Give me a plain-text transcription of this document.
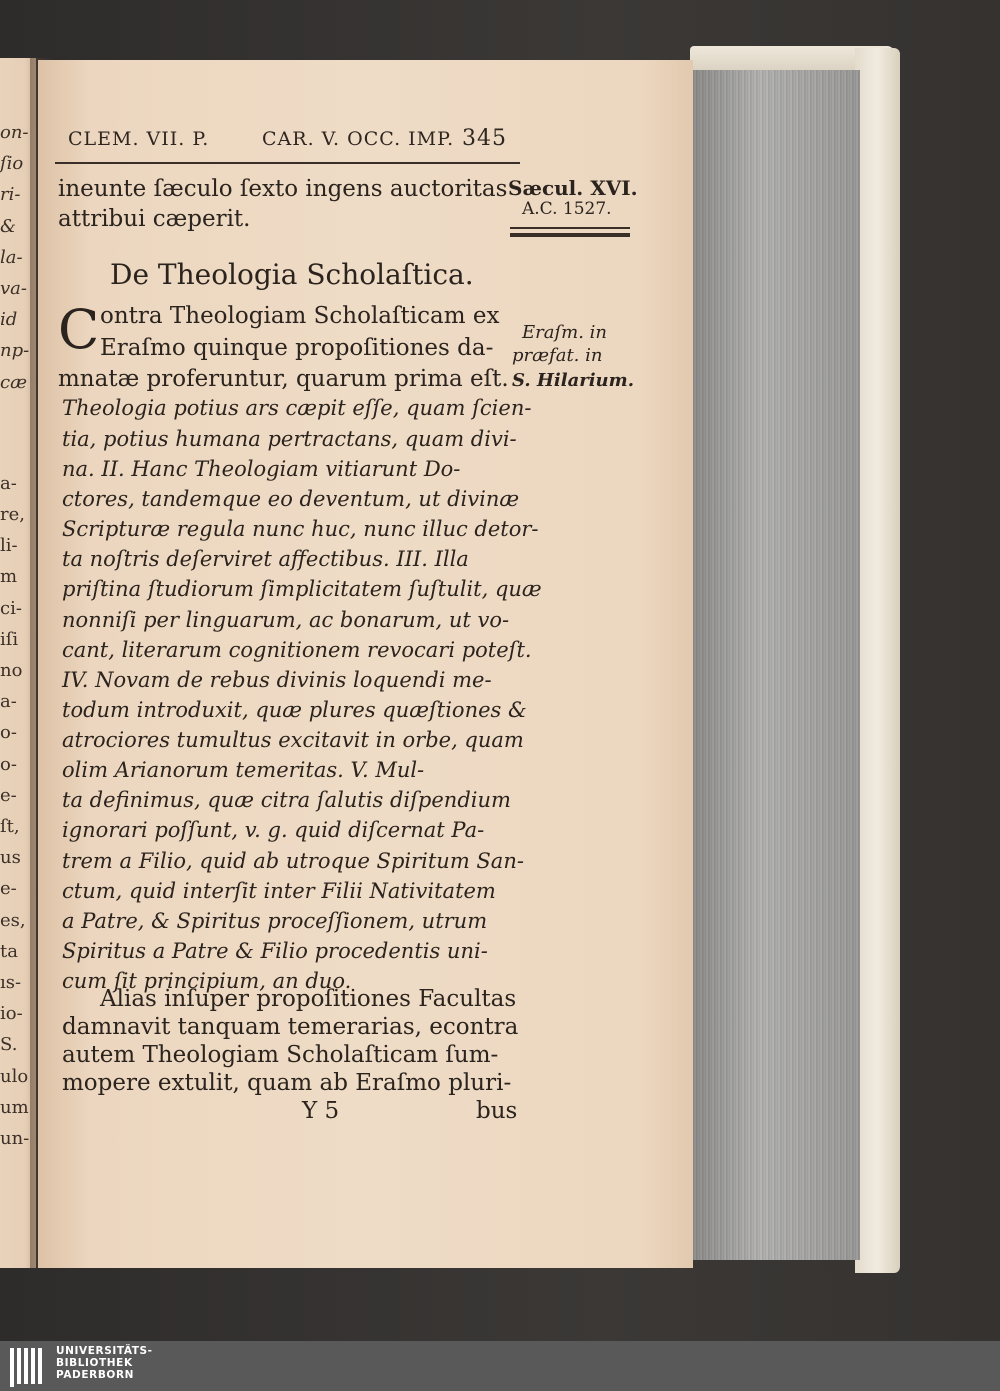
on-
ſio
ri-
&
la-
va-
id
np-
cæ
a-
re,
li-
m
ci-
iſi
no
a-
o-
o-
e-
ſt,
us
e-
es,
ta
ıs-
io-
S.
ulo
um
un-
CLEM. VII. P.	CAR. V. OCC. IMP. 345
ineunte ſæculo ſexto ingens auctoritas
attribui cæperit.
Sæcul. XVI.
A.C. 1527.
De Theologia Scholaſtica.
C ontra Theologiam Scholaſticam ex
Eraſmo quinque propoſitiones da-
mnatæ proferuntur, quarum prima eſt.
Eraſm. in
præfat. in
S. Hilarium.
Theologia potius ars cæpit eſſe, quam ſcien-
tia, potius humana pertractans, quam divi-
na. II. Hanc Theologiam vitiarunt Do-
ctores, tandemque eo deventum, ut divinæ
Scripturæ regula nunc huc, nunc illuc detor-
ta noſtris deſerviret affectibus. III. Illa
priſtina ſtudiorum ſimplicitatem ſuſtulit, quæ
nonniſi per linguarum, ac bonarum, ut vo-
cant, literarum cognitionem revocari poteſt.
IV. Novam de rebus divinis loquendi me-
todum introduxit, quæ plures quæſtiones &
atrociores tumultus excitavit in orbe, quam
olim Arianorum temeritas. V. Mul-
ta definimus, quæ citra ſalutis diſpendium
ignorari poſſunt, v. g. quid diſcernat Pa-
trem a Filio, quid ab utroque Spiritum San-
ctum, quid interſit inter Filii Nativitatem
a Patre, & Spiritus proceſſionem, utrum
Spiritus a Patre & Filio procedentis uni-
cum ſit principium, an duo.
Alias inſuper propoſitiones Facultas
damnavit tanquam temerarias, econtra
autem Theologiam Scholaſticam ſum-
mopere extulit, quam ab Eraſmo pluri-
Y 5	bus
UNIVERSITÄTS-
BIBLIOTHEK
PADERBORN
